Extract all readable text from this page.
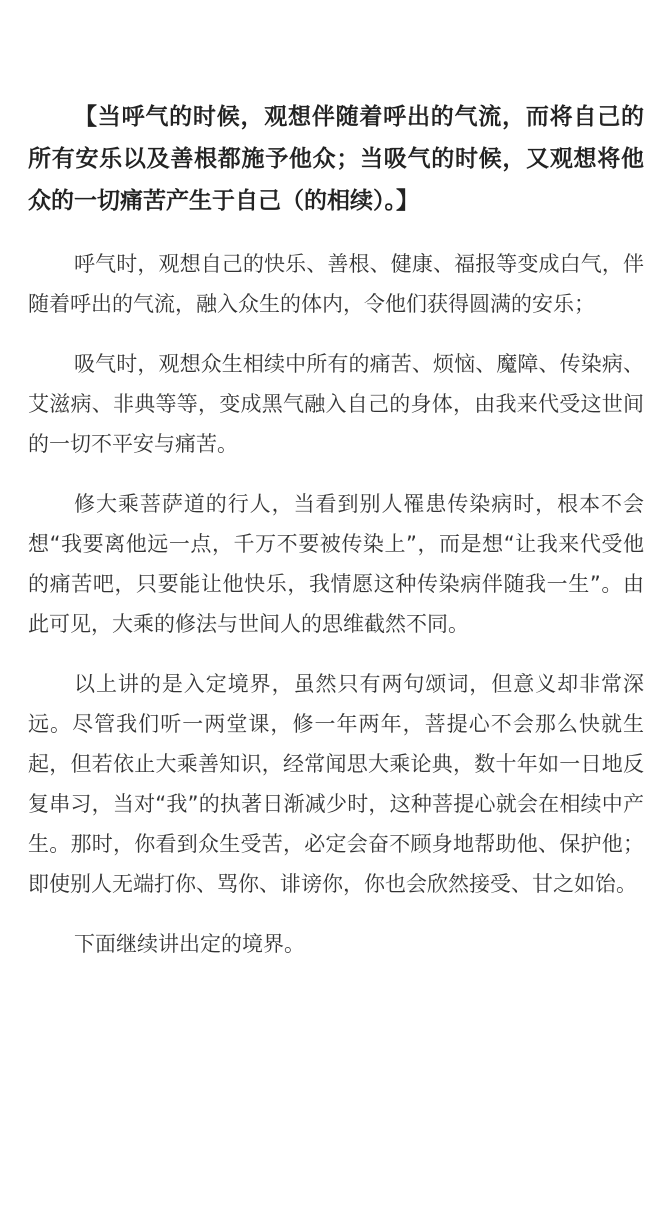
【当呼气的时候，观想伴随着呼出的气流，而将自己的所有安乐以及善根都施予他众；当吸气的时候，又观想将他众的一切痛苦产生于自己（的相续）。】

呼气时，观想自己的快乐、善根、健康、福报等变成白气，伴随着呼出的气流，融入众生的体内，令他们获得圆满的安乐；

吸气时，观想众生相续中所有的痛苦、烦恼、魔障、传染病、艾滋病、非典等等，变成黑气融入自己的身体，由我来代受这世间的一切不平安与痛苦。

修大乘菩萨道的行人，当看到别人罹患传染病时，根本不会想“我要离他远一点，千万不要被传染上”，而是想“让我来代受他的痛苦吧，只要能让他快乐，我情愿这种传染病伴随我一生”。由此可见，大乘的修法与世间人的思维截然不同。

以上讲的是入定境界，虽然只有两句颂词，但意义却非常深远。尽管我们听一两堂课，修一年两年，菩提心不会那么快就生起，但若依止大乘善知识，经常闻思大乘论典，数十年如一日地反复串习，当对“我”的执著日渐减少时，这种菩提心就会在相续中产生。那时，你看到众生受苦，必定会奋不顾身地帮助他、保护他；即使别人无端打你、骂你、诽谤你，你也会欣然接受、甘之如饴。

下面继续讲出定的境界。
